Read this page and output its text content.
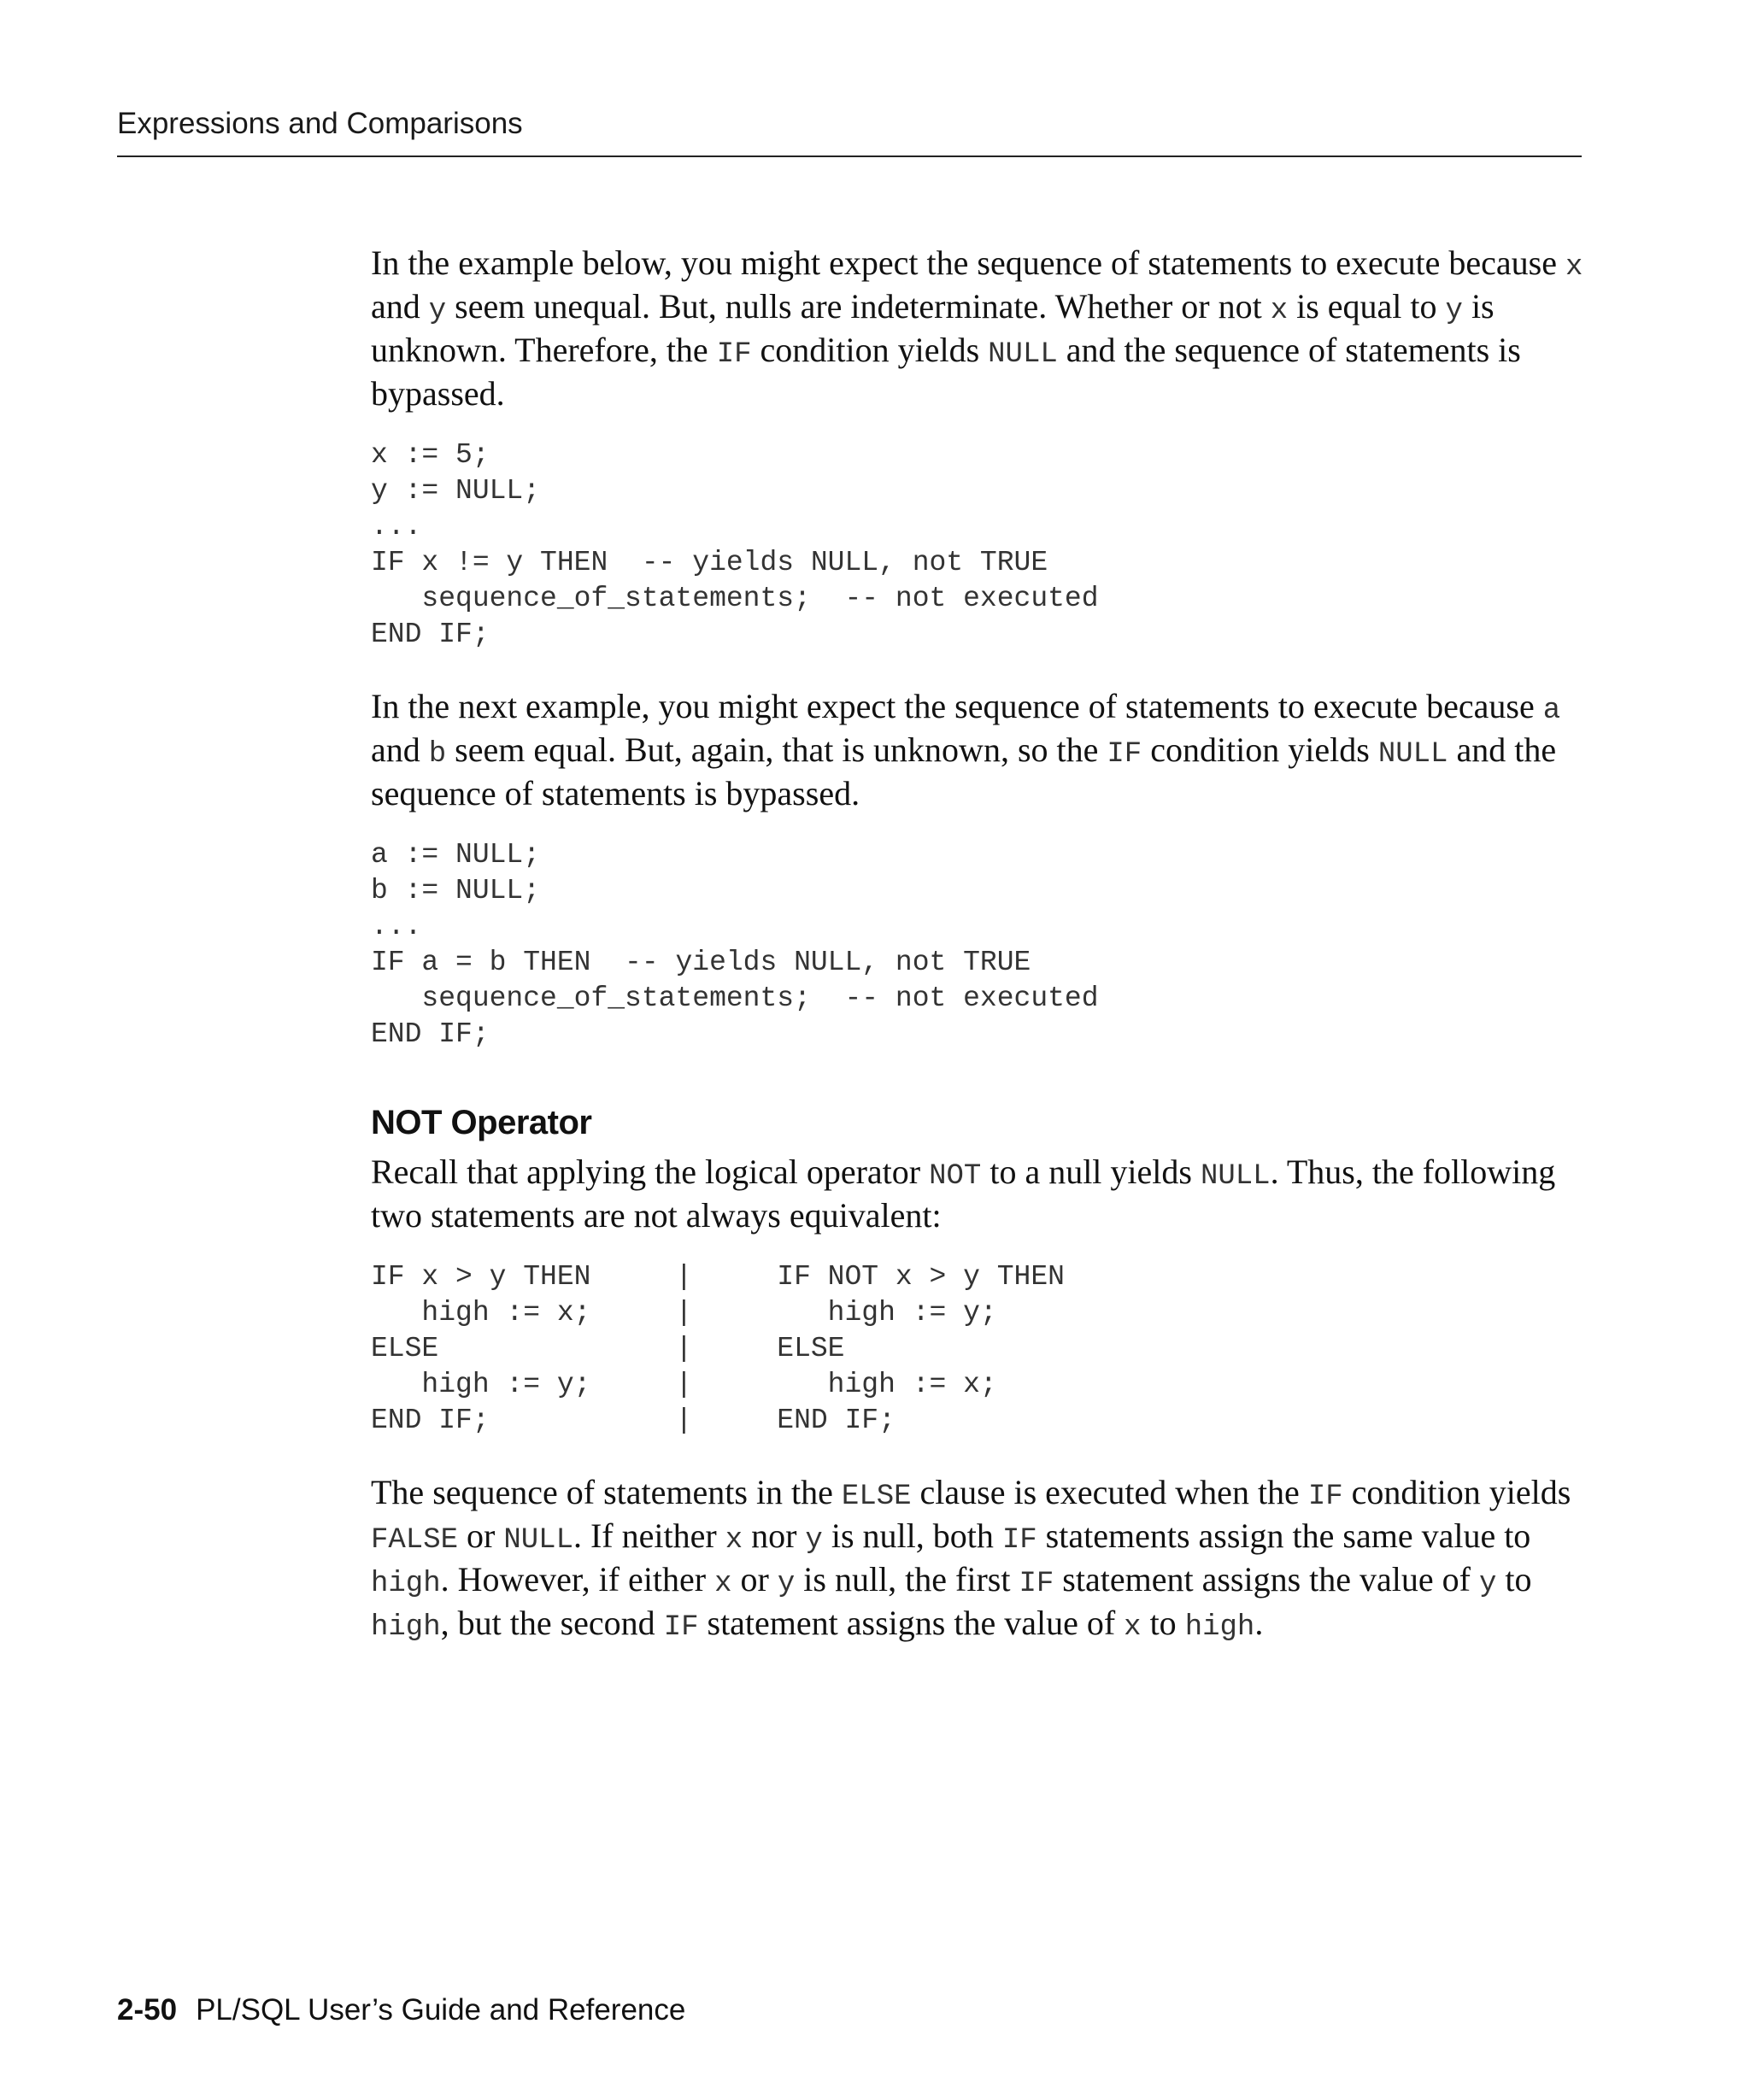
Expressions and Comparisons

In the example below, you might expect the sequence of statements to execute because x and y seem unequal. But, nulls are indeterminate. Whether or not x is equal to y is unknown. Therefore, the IF condition yields NULL and the sequence of statements is bypassed.

x := 5;
y := NULL;
...
IF x != y THEN  -- yields NULL, not TRUE
sequence_of_statements;  -- not executed
END IF;

In the next example, you might expect the sequence of statements to execute because a and b seem equal. But, again, that is unknown, so the IF condition yields NULL and the sequence of statements is bypassed.

a := NULL;
b := NULL;
...
IF a = b THEN  -- yields NULL, not TRUE
sequence_of_statements;  -- not executed
END IF;
NOT Operator

Recall that applying the logical operator NOT to a null yields NULL. Thus, the following two statements are not always equivalent:

IF x > y THEN     |     IF NOT x > y THEN
high := x;     |        high := y;
ELSE              |     ELSE
high := y;     |        high := x;
END IF;           |     END IF;

The sequence of statements in the ELSE clause is executed when the IF condition yields FALSE or NULL. If neither x nor y is null, both IF statements assign the same value to high. However, if either x or y is null, the first IF statement assigns the value of y to high, but the second IF statement assigns the value of x to high.

2-50 PL/SQL User’s Guide and Reference
